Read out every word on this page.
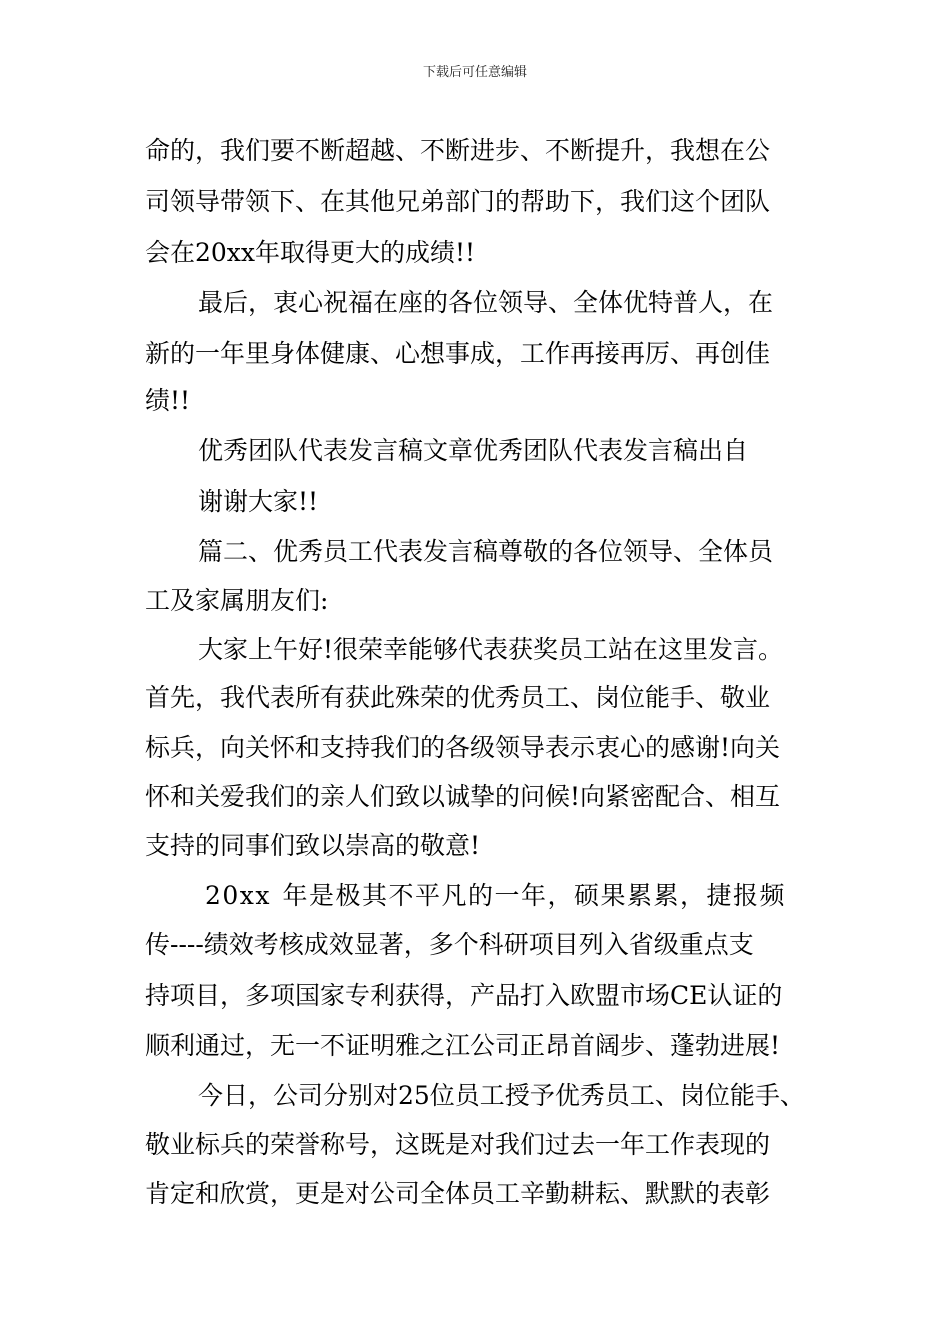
下载后可任意编辑
命的，我们要不断超越、不断进步、不断提升，我想在公
司领导带领下、在其他兄弟部门的帮助下，我们这个团队
会在20xx年取得更大的成绩!!
最后，衷心祝福在座的各位领导、全体优特普人，在
新的一年里身体健康、心想事成，工作再接再厉、再创佳
绩!!
优秀团队代表发言稿文章优秀团队代表发言稿出自
谢谢大家!!
篇二、优秀员工代表发言稿尊敬的各位领导、全体员
工及家属朋友们:
大家上午好!很荣幸能够代表获奖员工站在这里发言。
首先，我代表所有获此殊荣的优秀员工、岗位能手、敬业
标兵，向关怀和支持我们的各级领导表示衷心的感谢!向关
怀和关爱我们的亲人们致以诚挚的问候!向紧密配合、相互
支持的同事们致以崇高的敬意!
20xx 年是极其不平凡的一年，硕果累累，捷报频
传----绩效考核成效显著，多个科研项目列入省级重点支
持项目，多项国家专利获得，产品打入欧盟市场CE认证的
顺利通过，无一不证明雅之江公司正昂首阔步、蓬勃进展!
今日，公司分别对25位员工授予优秀员工、岗位能手、
敬业标兵的荣誉称号，这既是对我们过去一年工作表现的
肯定和欣赏，更是对公司全体员工辛勤耕耘、默默的表彰
